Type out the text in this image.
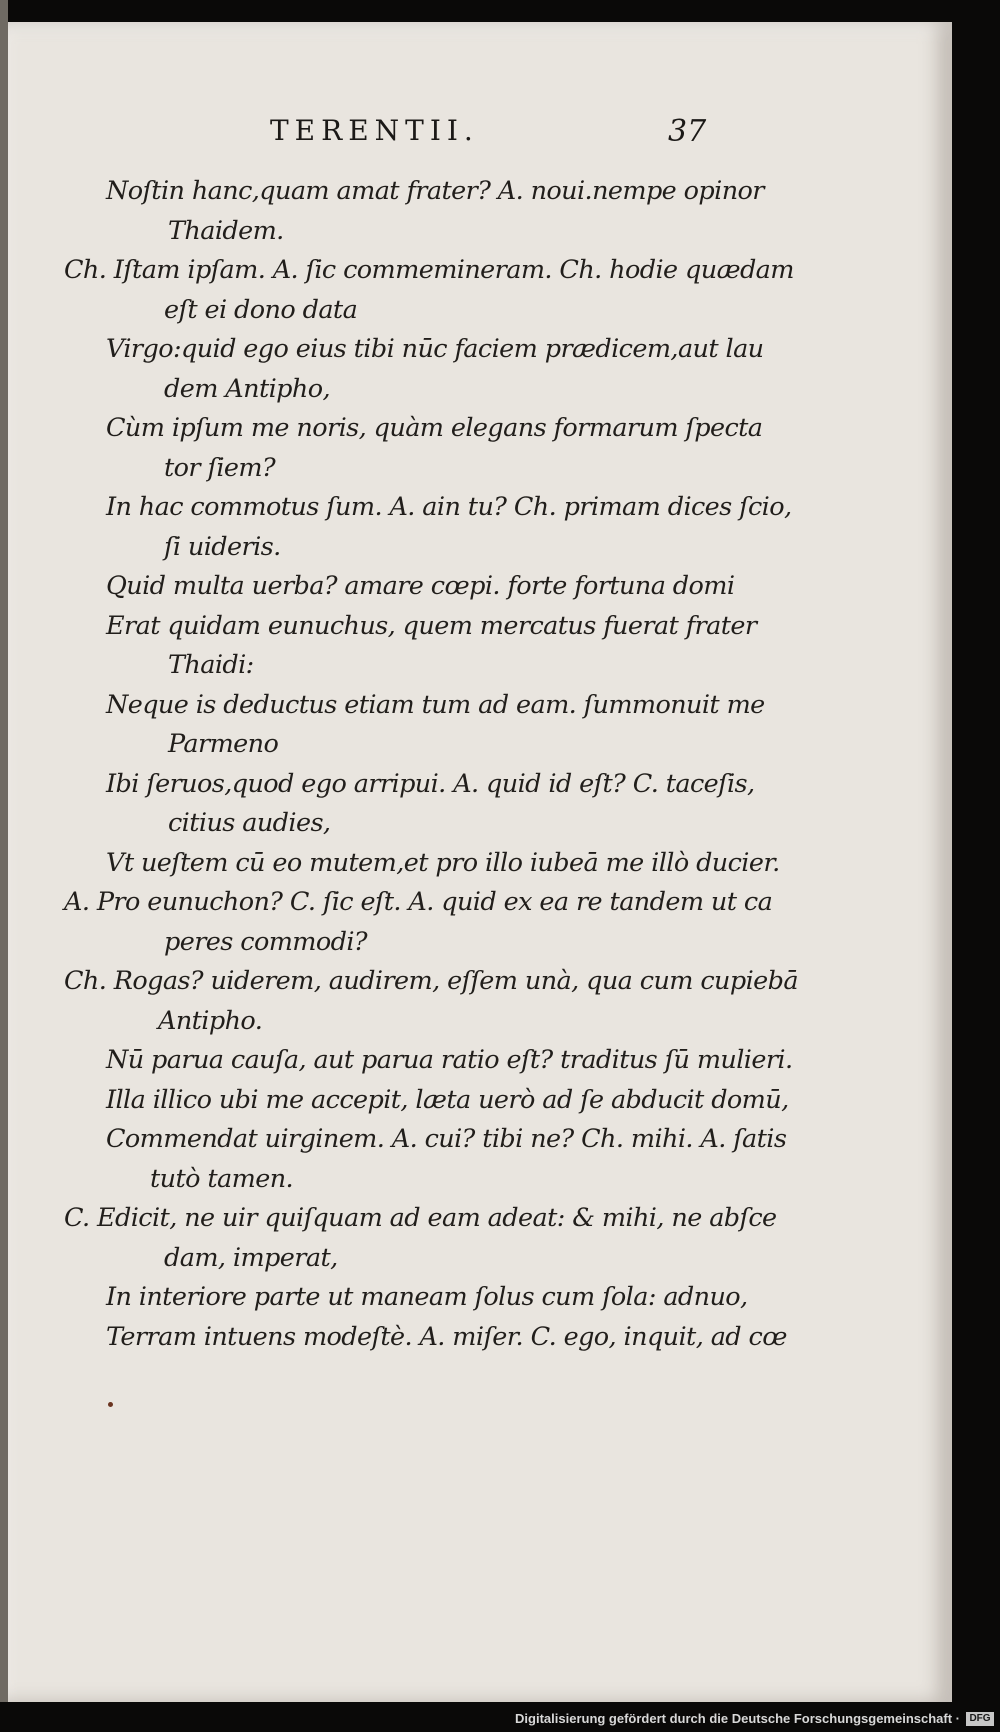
TERENTII.	37
Noſtin hanc,quam amat frater? A. noui.nempe opinor
Thaidem.
Ch. Iſtam ipſam. A. ſic commemineram. Ch. hodie quædam
eſt ei dono data
Virgo:quid ego eius tibi nūc faciem prædicem,aut lau
dem Antipho,
Cùm ipſum me noris, quàm elegans formarum ſpecta
tor ſiem?
In hac commotus ſum. A. ain tu? Ch. primam dices ſcio,
ſi uideris.
Quid multa uerba? amare cœpi. forte fortuna domi
Erat quidam eunuchus, quem mercatus fuerat frater
Thaidi:
Neque is deductus etiam tum ad eam. ſummonuit me
Parmeno
Ibi ſeruos,quod ego arripui. A. quid id eſt? C. taceſis,
citius audies,
Vt ueſtem cū eo mutem,et pro illo iubeā me illò ducier.
A. Pro eunuchon? C. ſic eſt. A. quid ex ea re tandem ut ca
peres commodi?
Ch. Rogas? uiderem, audirem, eſſem unà, qua cum cupiebā
Antipho.
Nū parua cauſa, aut parua ratio eſt? traditus ſū mulieri.
Illa illico ubi me accepit, læta uerò ad ſe abducit domū,
Commendat uirginem. A. cui? tibi ne? Ch. mihi. A. ſatis
tutò tamen.
C. Edicit, ne uir quiſquam ad eam adeat: & mihi, ne abſce
dam, imperat,
In interiore parte ut maneam ſolus cum ſola: adnuo,
Terram intuens modeſtè. A. miſer. C. ego, inquit, ad cœ
Digitalisierung gefördert durch die Deutsche Forschungsgemeinschaft · DFG
